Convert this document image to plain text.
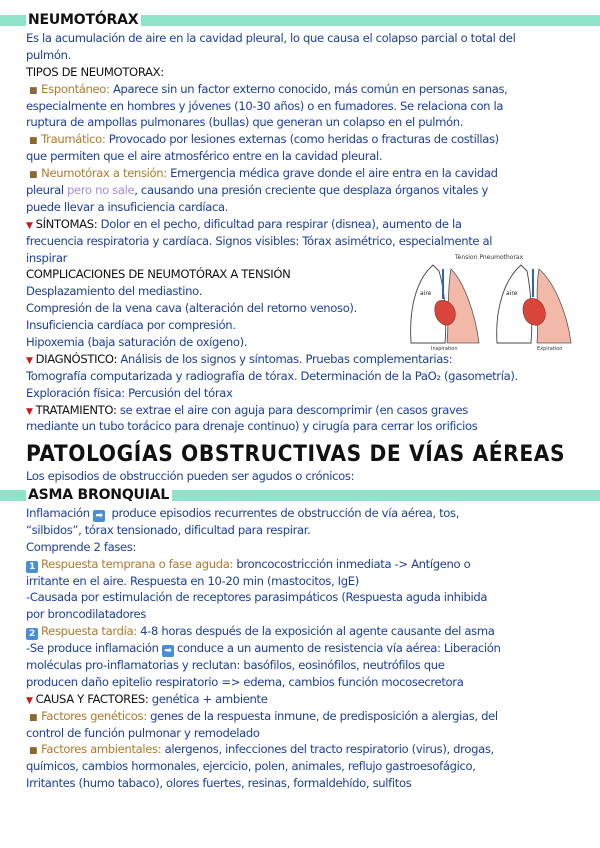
NEUMOTÓRAX
Es la acumulación de aire en la cavidad pleural, lo que causa el colapso parcial o total del
pulmón.
TIPOS DE NEUMOTORAX:
■ Espontáneo: Aparece sin un factor externo conocido, más común en personas sanas,
especialmente en hombres y jóvenes (10-30 años) o en fumadores. Se relaciona con la
ruptura de ampollas pulmonares (bullas) que generan un colapso en el pulmón.
■ Traumático: Provocado por lesiones externas (como heridas o fracturas de costillas)
que permiten que el aire atmosférico entre en la cavidad pleural.
■ Neumotórax a tensión: Emergencia médica grave donde el aire entra en la cavidad
pleural pero no sale, causando una presión creciente que desplaza órganos vitales y
puede llevar a insuficiencia cardíaca.
▼ SÍNTOMAS: Dolor en el pecho, dificultad para respirar (disnea), aumento de la
frecuencia respiratoria y cardíaca. Signos visibles: Tórax asimétrico, especialmente al
inspirar
COMPLICACIONES DE NEUMOTÓRAX A TENSIÓN
Desplazamiento del mediastino.
Compresión de la vena cava (alteración del retorno venoso).
Insuficiencia cardíaca por compresión.
Hipoxemia (baja saturación de oxígeno).
▼ DIAGNÓSTICO: Análisis de los signos y síntomas. Pruebas complementarias:
Tomografía computarizada y radiografía de tórax. Determinación de la PaO₂ (gasometría).
Exploración física: Percusión del tórax
▼ TRATAMIENTO: se extrae el aire con aguja para descomprimir (en casos graves
mediante un tubo torácico para drenaje continuo) y cirugía para cerrar los orificios
Tension Pneumothorax
aire
Inspiration
aire
Expiration
PATOLOGÍAS OBSTRUCTIVAS DE VÍAS AÉREAS
Los episodios de obstrucción pueden ser agudos o crónicos:
ASMA BRONQUIAL
Inflamación ➡ produce episodios recurrentes de obstrucción de vía aérea, tos,
“silbidos”, tórax tensionado, dificultad para respirar.
Comprende 2 fases:
1 Respuesta temprana o fase aguda: broncocostricción inmediata -> Antígeno o
irritante en el aire. Respuesta en 10-20 min (mastocitos, IgE)
-Causada por estimulación de receptores parasimpáticos (Respuesta aguda inhibida
por broncodilatadores
2 Respuesta tardía: 4-8 horas después de la exposición al agente causante del asma
-Se produce inflamación ➡ conduce a un aumento de resistencia vía aérea: Liberación
moléculas pro-inflamatorias y reclutan: basófilos, eosinófilos, neutrófilos que
producen daño epitelio respiratorio => edema, cambios función mocosecretora
▼ CAUSA Y FACTORES: genética + ambiente
■ Factores genéticos: genes de la respuesta inmune, de predisposición a alergias, del
control de función pulmonar y remodelado
■ Factores ambientales: alergenos, infecciones del tracto respiratorio (virus), drogas,
químicos, cambios hormonales, ejercicio, polen, animales, reflujo gastroesofágico,
Irritantes (humo tabaco), olores fuertes, resinas, formaldehído, sulfitos
